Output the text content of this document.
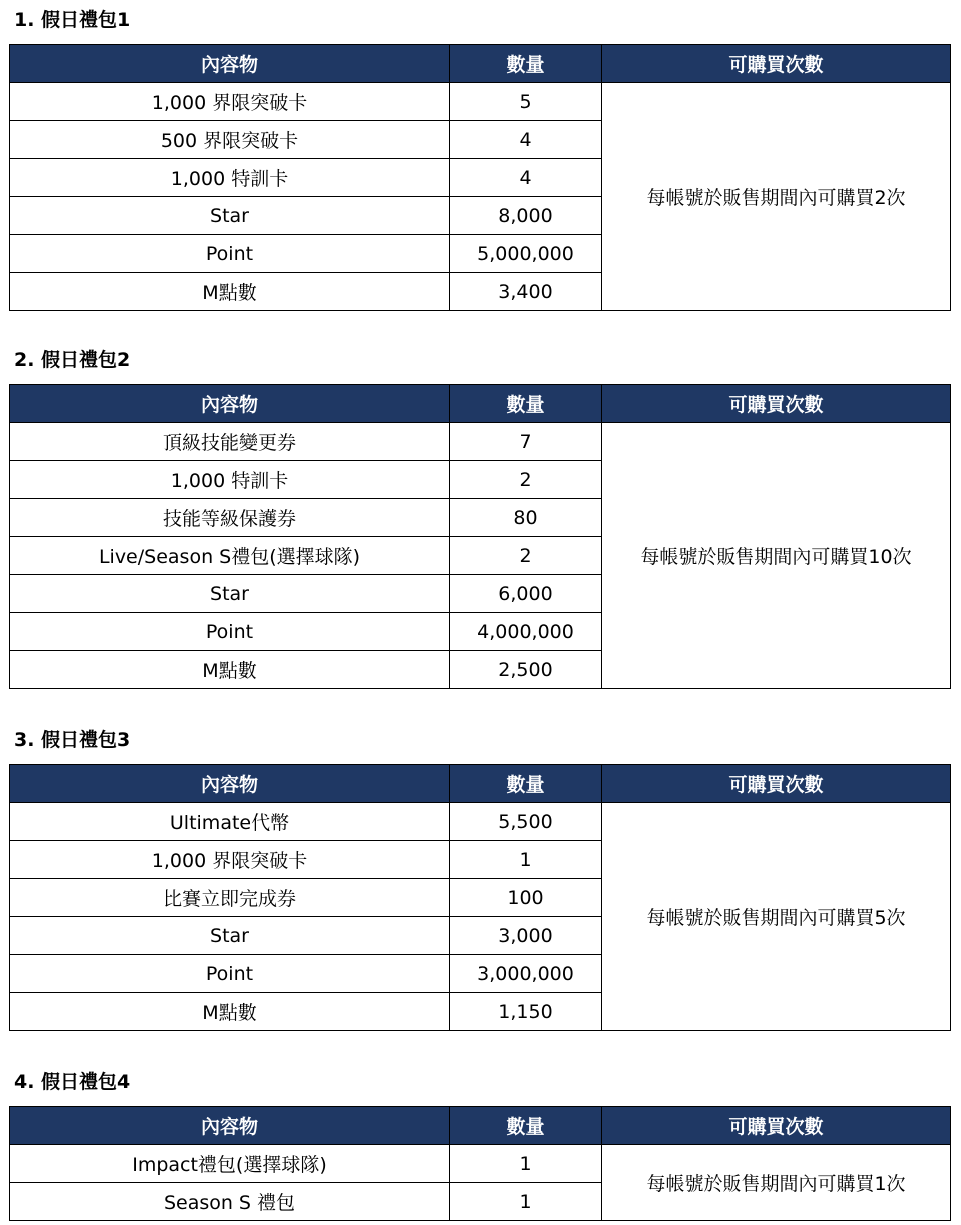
1. 假日禮包1
內容物	數量	可購買次數
1,000 界限突破卡	5	每帳號於販售期間內可購買2次
500 界限突破卡	4	
1,000 特訓卡	4	
Star	8,000	
Point	5,000,000	
M點數	3,400	
2. 假日禮包2
內容物	數量	可購買次數
頂級技能變更券	7	每帳號於販售期間內可購買10次
1,000 特訓卡	2	
技能等級保護券	80	
Live/Season S禮包(選擇球隊)	2	
Star	6,000	
Point	4,000,000	
M點數	2,500	
3. 假日禮包3
內容物	數量	可購買次數
Ultimate代幣	5,500	每帳號於販售期間內可購買5次
1,000 界限突破卡	1	
比賽立即完成券	100	
Star	3,000	
Point	3,000,000	
M點數	1,150	
4. 假日禮包4
內容物	數量	可購買次數
Impact禮包(選擇球隊)	1	每帳號於販售期間內可購買1次
Season S 禮包	1	
